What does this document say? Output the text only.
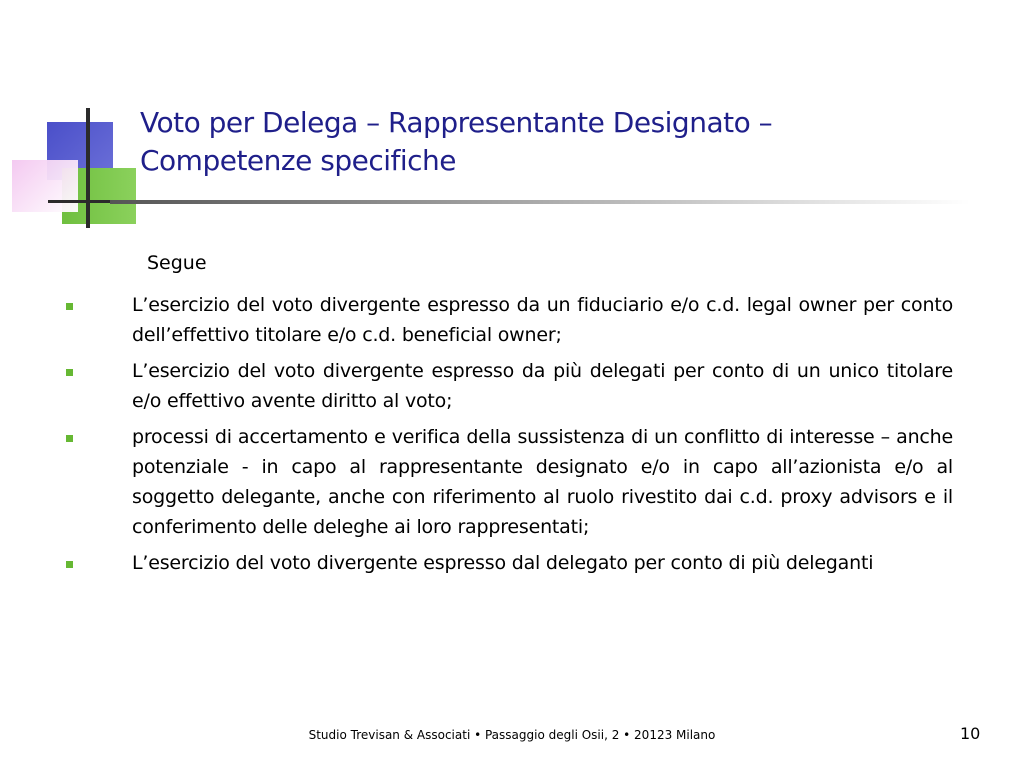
Voto per Delega – Rappresentante Designato –
Competenze specifiche
Segue
L’esercizio del voto divergente espresso da un fiduciario e/o c.d. legal owner per conto dell’effettivo titolare e/o c.d. beneficial owner;
L’esercizio del voto divergente espresso da più delegati per conto di un unico titolare e/o effettivo avente diritto al voto;
processi di accertamento e verifica della sussistenza di un conflitto di interesse – anche potenziale - in capo al rappresentante designato e/o in capo all’azionista e/o al soggetto delegante, anche con riferimento al ruolo rivestito dai c.d. proxy advisors e il conferimento delle deleghe ai loro rappresentati;
L’esercizio del voto divergente espresso dal delegato per conto di più deleganti
Studio Trevisan & Associati • Passaggio degli Osii, 2 • 20123 Milano	10
